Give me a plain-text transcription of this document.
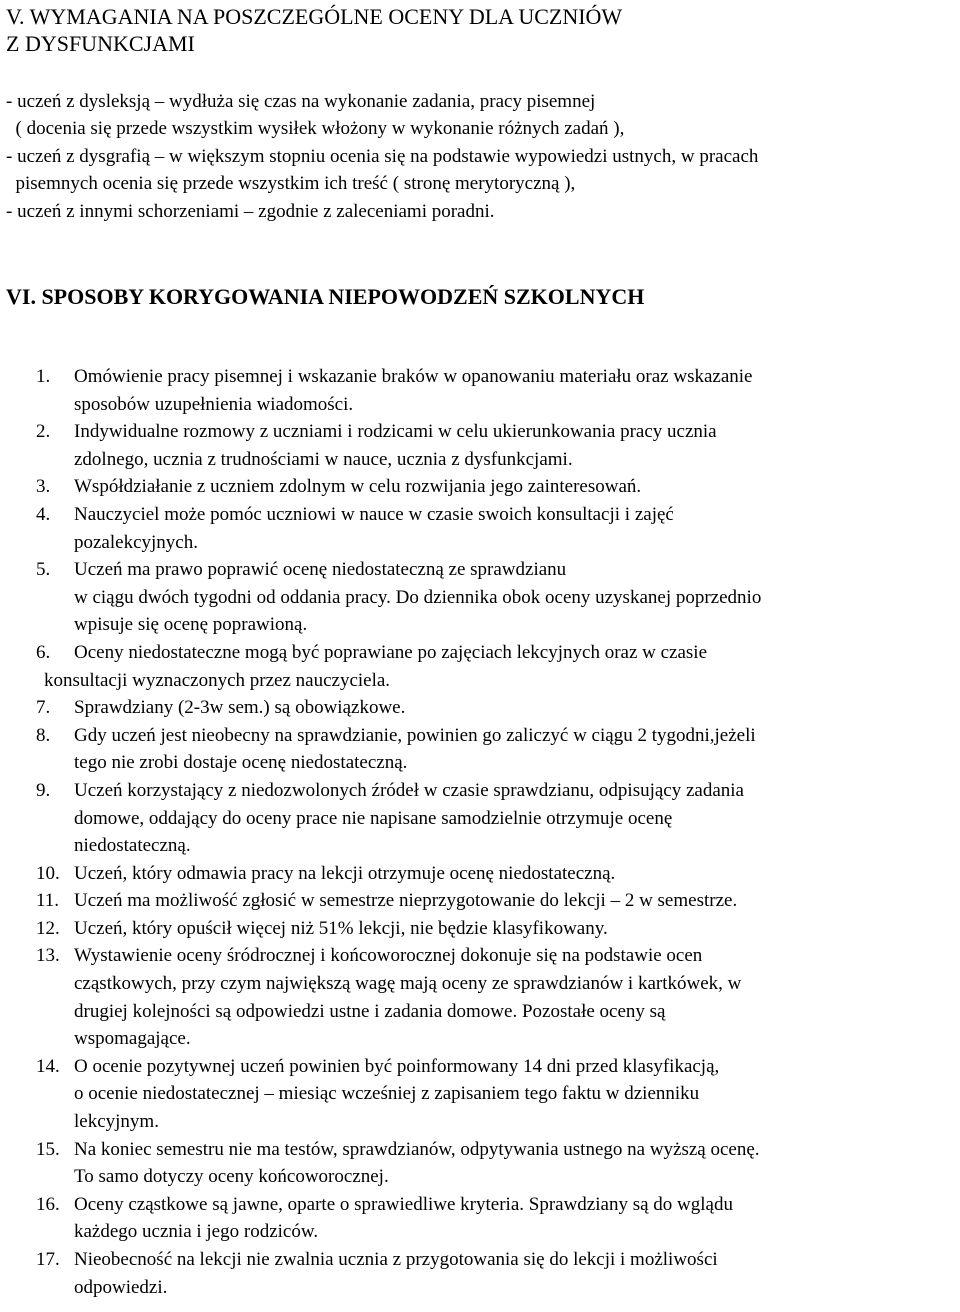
V. WYMAGANIA NA POSZCZEGÓLNE OCENY DLA UCZNIÓW
Z DYSFUNKCJAMI
- uczeń z dysleksją – wydłuża się czas na wykonanie zadania, pracy pisemnej
( docenia się przede wszystkim wysiłek włożony w wykonanie różnych zadań ),
- uczeń z dysgrafią – w większym stopniu ocenia się na podstawie wypowiedzi ustnych, w pracach
pisemnych ocenia się przede wszystkim ich treść ( stronę merytoryczną ),
- uczeń z innymi schorzeniami – zgodnie z zaleceniami poradni.
VI. SPOSOBY KORYGOWANIA NIEPOWODZEŃ SZKOLNYCH
1. Omówienie pracy pisemnej i wskazanie braków w opanowaniu materiału oraz wskazanie
sposobów uzupełnienia wiadomości.
2. Indywidualne rozmowy z uczniami i rodzicami w celu ukierunkowania pracy ucznia
zdolnego, ucznia z trudnościami w nauce, ucznia z dysfunkcjami.
3. Współdziałanie z uczniem zdolnym w celu rozwijania jego zainteresowań.
4. Nauczyciel może pomóc uczniowi w nauce w czasie swoich konsultacji i zajęć
pozalekcyjnych.
5. Uczeń ma prawo poprawić ocenę niedostateczną ze sprawdzianu
w ciągu dwóch tygodni od oddania pracy. Do dziennika obok oceny uzyskanej poprzednio
wpisuje się ocenę poprawioną.
6. Oceny niedostateczne mogą być poprawiane po zajęciach lekcyjnych oraz w czasie
konsultacji wyznaczonych przez nauczyciela.
7. Sprawdziany (2-3w sem.) są obowiązkowe.
8. Gdy uczeń jest nieobecny na sprawdzianie, powinien go zaliczyć w ciągu 2 tygodni,jeżeli
tego nie zrobi dostaje ocenę niedostateczną.
9. Uczeń korzystający z niedozwolonych źródeł w czasie sprawdzianu, odpisujący zadania
domowe, oddający do oceny prace nie napisane samodzielnie otrzymuje ocenę
niedostateczną.
10. Uczeń, który odmawia pracy na lekcji otrzymuje ocenę niedostateczną.
11. Uczeń ma możliwość zgłosić w semestrze nieprzygotowanie do lekcji – 2 w semestrze.
12. Uczeń, który opuścił więcej niż 51% lekcji, nie będzie klasyfikowany.
13. Wystawienie oceny śródrocznej i końcoworocznej dokonuje się na podstawie ocen
cząstkowych, przy czym największą wagę mają oceny ze sprawdzianów i kartkówek, w
drugiej kolejności są odpowiedzi ustne i zadania domowe. Pozostałe oceny są
wspomagające.
14. O ocenie pozytywnej uczeń powinien być poinformowany 14 dni przed klasyfikacją,
o ocenie niedostatecznej – miesiąc wcześniej z zapisaniem tego faktu w dzienniku
lekcyjnym.
15. Na koniec semestru nie ma testów, sprawdzianów, odpytywania ustnego na wyższą ocenę.
To samo dotyczy oceny końcoworocznej.
16. Oceny cząstkowe są jawne, oparte o sprawiedliwe kryteria. Sprawdziany są do wglądu
każdego ucznia i jego rodziców.
17. Nieobecność na lekcji nie zwalnia ucznia z przygotowania się do lekcji i możliwości
odpowiedzi.
